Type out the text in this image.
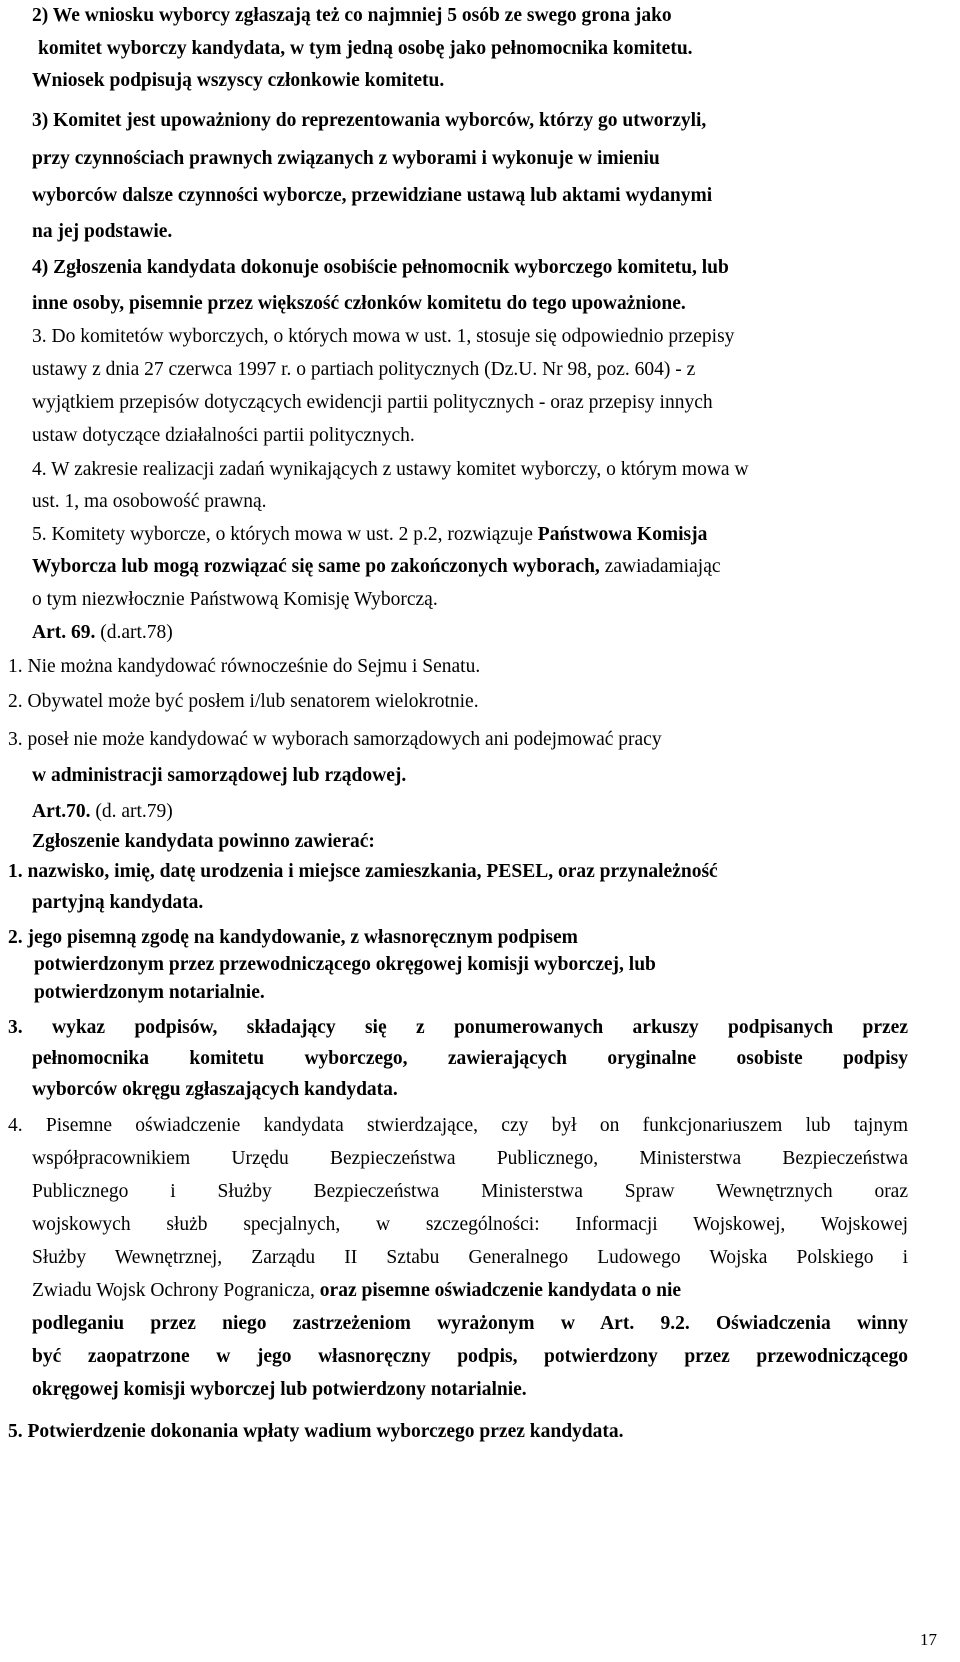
2) We wniosku wyborcy zgłaszają też co najmniej 5 osób ze swego grona jako
komitet wyborczy kandydata, w tym jedną osobę jako pełnomocnika komitetu.
Wniosek podpisują wszyscy członkowie komitetu.
3) Komitet jest upoważniony do reprezentowania wyborców, którzy go utworzyli,
przy czynnościach prawnych związanych z wyborami i wykonuje w imieniu
wyborców dalsze czynności wyborcze, przewidziane ustawą lub aktami wydanymi
na jej podstawie.
4) Zgłoszenia kandydata dokonuje osobiście pełnomocnik wyborczego komitetu, lub
inne osoby, pisemnie przez większość członków komitetu do tego upoważnione.
3. Do komitetów wyborczych, o których mowa w ust. 1, stosuje się odpowiednio przepisy
ustawy z dnia 27 czerwca 1997 r. o partiach politycznych (Dz.U. Nr 98, poz. 604) - z
wyjątkiem przepisów dotyczących ewidencji partii politycznych - oraz przepisy innych
ustaw dotyczące działalności partii politycznych.
4. W zakresie realizacji zadań wynikających z ustawy komitet wyborczy, o którym mowa w
ust. 1, ma osobowość prawną.
5. Komitety wyborcze, o których mowa w ust. 2 p.2, rozwiązuje Państwowa Komisja
Wyborcza lub mogą rozwiązać się same po zakończonych wyborach, zawiadamiając
o tym niezwłocznie Państwową Komisję Wyborczą.
Art. 69. (d.art.78)
1. Nie można kandydować równocześnie do Sejmu i Senatu.
2. Obywatel może być posłem i/lub senatorem wielokrotnie.
3. poseł nie może kandydować w wyborach samorządowych ani podejmować pracy
w administracji samorządowej lub rządowej.
Art.70. (d. art.79)
Zgłoszenie kandydata powinno zawierać:
1. nazwisko, imię, datę urodzenia i miejsce zamieszkania, PESEL, oraz przynależność
partyjną kandydata.
2. jego pisemną zgodę na kandydowanie, z własnoręcznym podpisem
potwierdzonym przez przewodniczącego okręgowej komisji wyborczej, lub
potwierdzonym notarialnie.
3. wykaz podpisów, składający się z ponumerowanych arkuszy podpisanych przez
pełnomocnika komitetu wyborczego, zawierających oryginalne osobiste podpisy
wyborców okręgu zgłaszających kandydata.
4. Pisemne oświadczenie kandydata stwierdzające, czy był on funkcjonariuszem lub tajnym
współpracownikiem Urzędu Bezpieczeństwa Publicznego, Ministerstwa Bezpieczeństwa
Publicznego i Służby Bezpieczeństwa Ministerstwa Spraw Wewnętrznych oraz
wojskowych służb specjalnych, w szczególności: Informacji Wojskowej, Wojskowej
Służby Wewnętrznej, Zarządu II Sztabu Generalnego Ludowego Wojska Polskiego i
Zwiadu Wojsk Ochrony Pogranicza, oraz pisemne oświadczenie kandydata o nie
podleganiu przez niego zastrzeżeniom wyrażonym w Art. 9.2. Oświadczenia winny
być zaopatrzone w jego własnoręczny podpis, potwierdzony przez przewodniczącego
okręgowej komisji wyborczej lub potwierdzony notarialnie.
5. Potwierdzenie dokonania wpłaty wadium wyborczego przez kandydata.
17
